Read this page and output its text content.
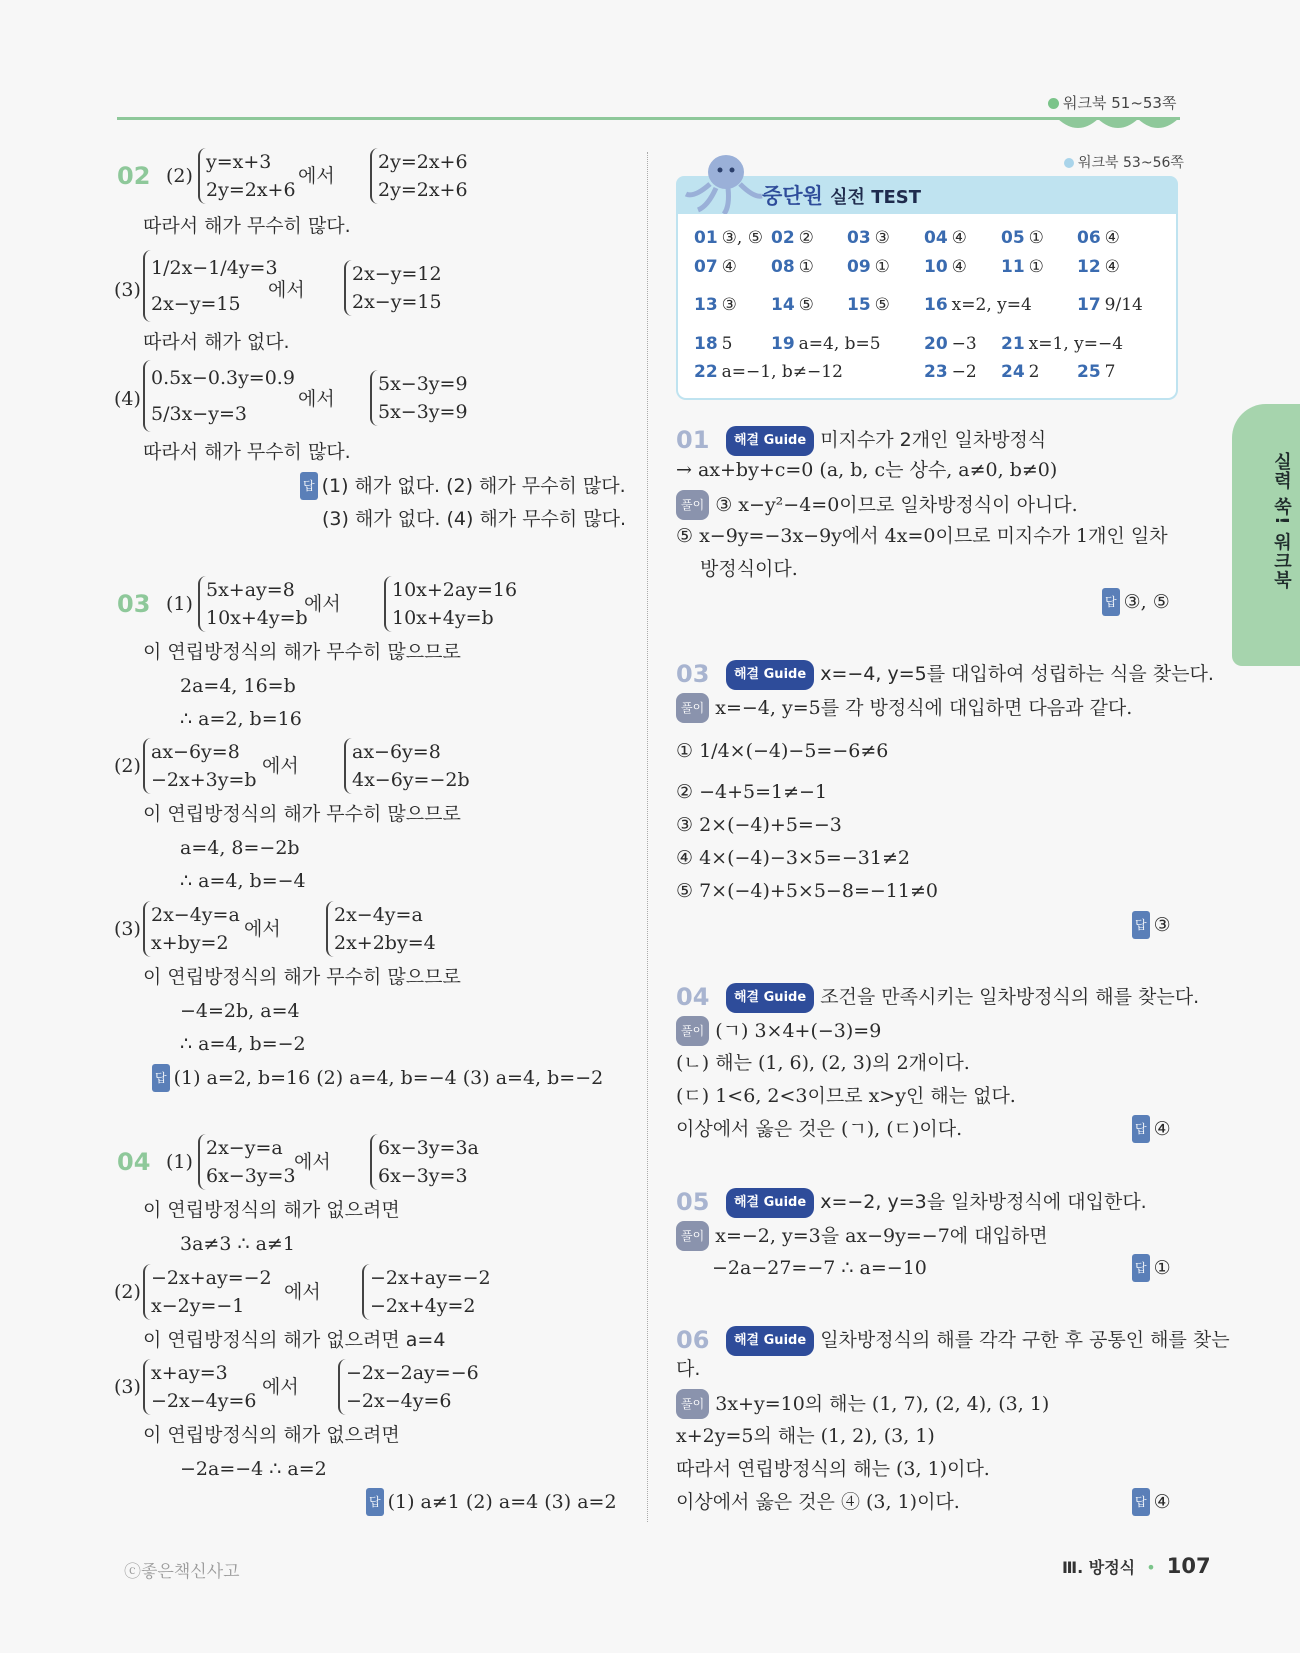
워크북 51~53쪽
02 (2)
y=x+3
2y=2x+6
에서
2y=2x+6
2y=2x+6
따라서 해가 무수히 많다.
(3)
1/2x−1/4y=3
2x−y=15
에서
2x−y=12
2x−y=15
따라서 해가 없다.
(4)
0.5x−0.3y=0.9
5/3x−y=3
에서
5x−3y=9
5x−3y=9
따라서 해가 무수히 많다.
답 (1) 해가 없다. (2) 해가 무수히 많다.
(3) 해가 없다. (4) 해가 무수히 많다.
03 (1)
5x+ay=8
10x+4y=b
에서
10x+2ay=16
10x+4y=b
이 연립방정식의 해가 무수히 많으므로
2a=4, 16=b
∴ a=2, b=16
(2)
ax−6y=8
−2x+3y=b
에서
ax−6y=8
4x−6y=−2b
이 연립방정식의 해가 무수히 많으므로
a=4, 8=−2b
∴ a=4, b=−4
(3)
2x−4y=a
x+by=2
에서
2x−4y=a
2x+2by=4
이 연립방정식의 해가 무수히 많으므로
−4=2b, a=4
∴ a=4, b=−2
답 (1) a=2, b=16 (2) a=4, b=−4 (3) a=4, b=−2
04 (1)
2x−y=a
6x−3y=3
에서
6x−3y=3a
6x−3y=3
이 연립방정식의 해가 없으려면
3a≠3 ∴ a≠1
(2)
−2x+ay=−2
x−2y=−1
에서
−2x+ay=−2
−2x+4y=2
이 연립방정식의 해가 없으려면 a=4
(3)
x+ay=3
−2x−4y=6
에서
−2x−2ay=−6
−2x−4y=6
이 연립방정식의 해가 없으려면
−2a=−4 ∴ a=2
답 (1) a≠1 (2) a=4 (3) a=2
워크북 53~56쪽
중단원 실전 TEST
01 ③, ⑤ 02 ② 03 ③ 04 ④ 05 ① 06 ④
07 ④ 08 ① 09 ① 10 ④ 11 ① 12 ④
13 ③ 14 ⑤ 15 ⑤ 16 x=2, y=4	17 9/14
18 5 19 a=4, b=5	20 −3 21 x=1, y=−4
22 a=−1, b≠−12	23 −2 24 2 25 7
01	해결 Guide 미지수가 2개인 일차방정식
→ ax+by+c=0 (a, b, c는 상수, a≠0, b≠0)
풀이 ③ x−y²−4=0이므로 일차방정식이 아니다.
⑤ x−9y=−3x−9y에서 4x=0이므로 미지수가 1개인 일차
방정식이다.
답 ③, ⑤
03	해결 Guide x=−4, y=5를 대입하여 성립하는 식을 찾는다.
풀이 x=−4, y=5를 각 방정식에 대입하면 다음과 같다.
① 1/4×(−4)−5=−6≠6
② −4+5=1≠−1
③ 2×(−4)+5=−3
④ 4×(−4)−3×5=−31≠2
⑤ 7×(−4)+5×5−8=−11≠0
답 ③
04	해결 Guide 조건을 만족시키는 일차방정식의 해를 찾는다.
풀이 (ㄱ) 3×4+(−3)=9
(ㄴ) 해는 (1, 6), (2, 3)의 2개이다.
(ㄷ) 1<6, 2<3이므로 x>y인 해는 없다.
이상에서 옳은 것은 (ㄱ), (ㄷ)이다.	답 ④
05	해결 Guide x=−2, y=3을 일차방정식에 대입한다.
풀이 x=−2, y=3을 ax−9y=−7에 대입하면
−2a−27=−7 ∴ a=−10	답 ①
06	해결 Guide 일차방정식의 해를 각각 구한 후 공통인 해를 찾는
다.
풀이 3x+y=10의 해는 (1, 7), (2, 4), (3, 1)
x+2y=5의 해는 (1, 2), (3, 1)
따라서 연립방정식의 해는 (3, 1)이다.
이상에서 옳은 것은 ④ (3, 1)이다.	답 ④
실력 쑥! 워크북
ⓒ좋은책신사고	Ⅲ. 방정식 • 107
